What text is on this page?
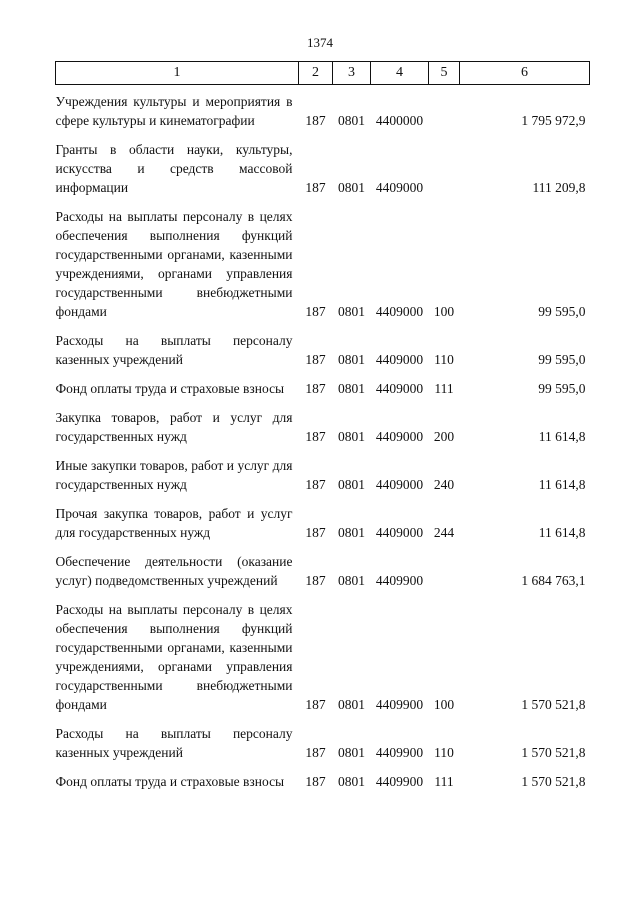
1374
1	2	3	4	5	6
Учреждения культуры и мероприятия в сфере культуры и кинематографии	187	0801	4400000		1 795 972,9
Гранты в области науки, культуры, искусства и средств массовой информации	187	0801	4409000		111 209,8
Расходы на выплаты персоналу в целях обеспечения выполнения функций государственными органами, казенными учреждениями, органами управления государственными внебюджетными фондами	187	0801	4409000	100	99 595,0
Расходы на выплаты персоналу казенных учреждений	187	0801	4409000	110	99 595,0
Фонд оплаты труда и страховые взносы	187	0801	4409000	111	99 595,0
Закупка товаров, работ и услуг для государственных нужд	187	0801	4409000	200	11 614,8
Иные закупки товаров, работ и услуг для государственных нужд	187	0801	4409000	240	11 614,8
Прочая закупка товаров, работ и услуг для государственных нужд	187	0801	4409000	244	11 614,8
Обеспечение деятельности (оказание услуг) подведомственных учреждений	187	0801	4409900		1 684 763,1
Расходы на выплаты персоналу в целях обеспечения выполнения функций государственными органами, казенными учреждениями, органами управления государственными внебюджетными фондами	187	0801	4409900	100	1 570 521,8
Расходы на выплаты персоналу казенных учреждений	187	0801	4409900	110	1 570 521,8
Фонд оплаты труда и страховые взносы	187	0801	4409900	111	1 570 521,8
